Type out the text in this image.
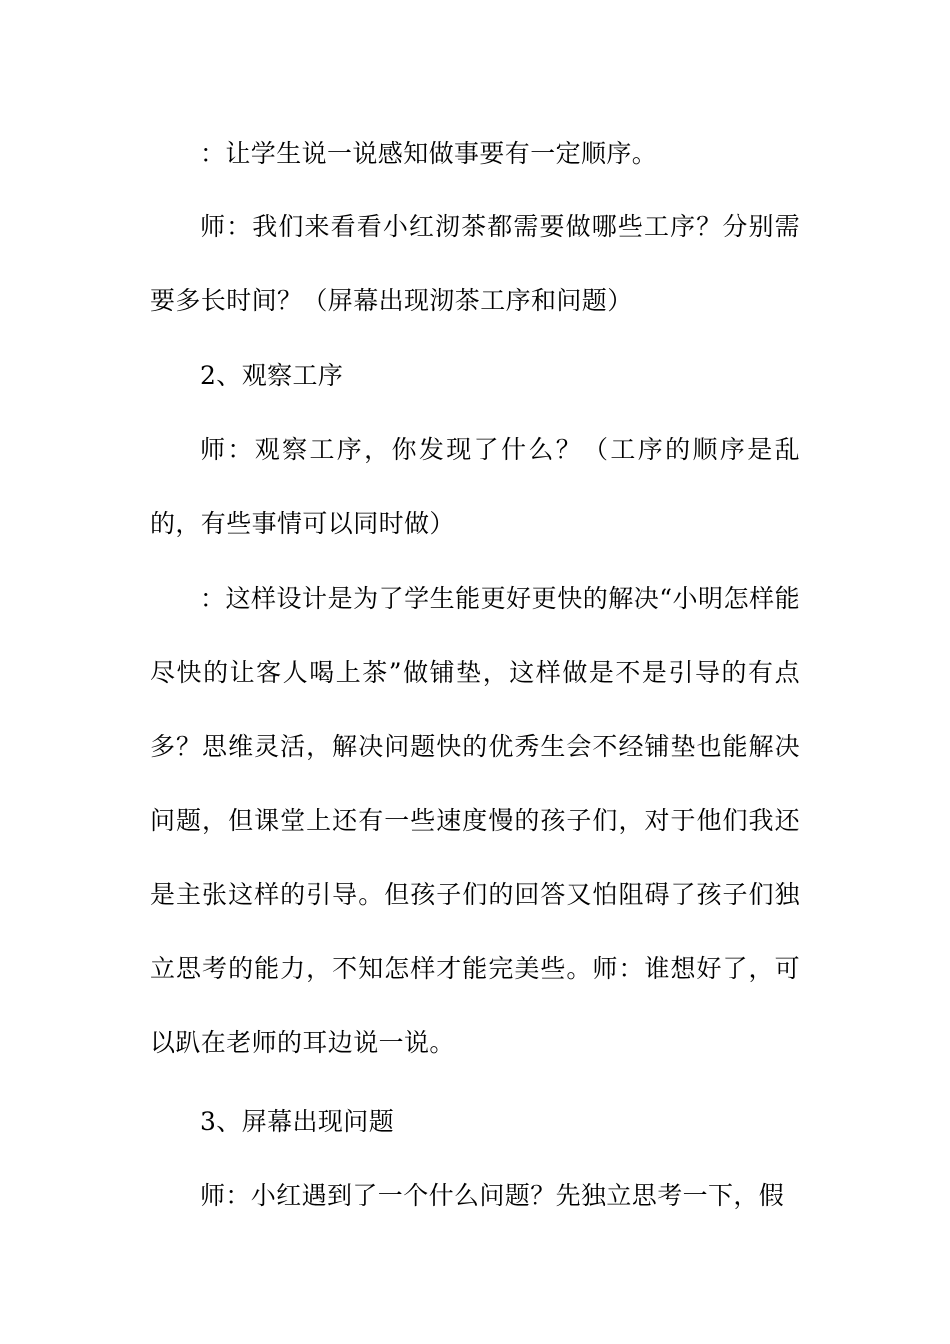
：让学生说一说感知做事要有一定顺序。

师：我们来看看小红沏茶都需要做哪些工序？分别需要多长时间？（屏幕出现沏茶工序和问题）

2、观察工序

师：观察工序，你发现了什么？（工序的顺序是乱的，有些事情可以同时做）

：这样设计是为了学生能更好更快的解决“小明怎样能尽快的让客人喝上茶”做铺垫，这样做是不是引导的有点多？思维灵活，解决问题快的优秀生会不经铺垫也能解决问题，但课堂上还有一些速度慢的孩子们，对于他们我还是主张这样的引导。但孩子们的回答又怕阻碍了孩子们独立思考的能力，不知怎样才能完美些。师：谁想好了，可以趴在老师的耳边说一说。

3、屏幕出现问题

师：小红遇到了一个什么问题？先独立思考一下，假
